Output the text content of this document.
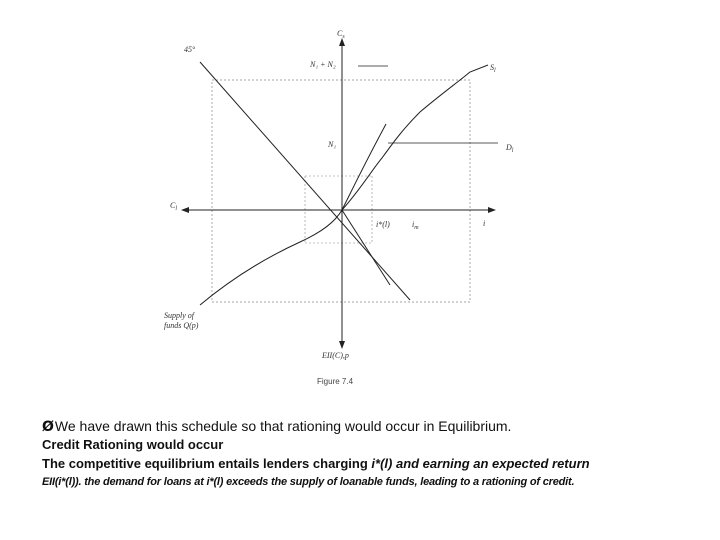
$C_s$
$C_l$
i
EII(C),p
45°
N₁ + N₂
N₁
$S_l$
$D_l$
i*(l)	$i_m$
Supply of
funds Q(p)
Figure 7.4
ØWe have drawn this schedule so that rationing would occur in Equilibrium.
Credit Rationing would occur
The competitive equilibrium entails lenders charging i*(l) and earning an expected return
EII(i*(l)). the demand for loans at i*(l) exceeds the supply of loanable funds, leading to a rationing of credit.
